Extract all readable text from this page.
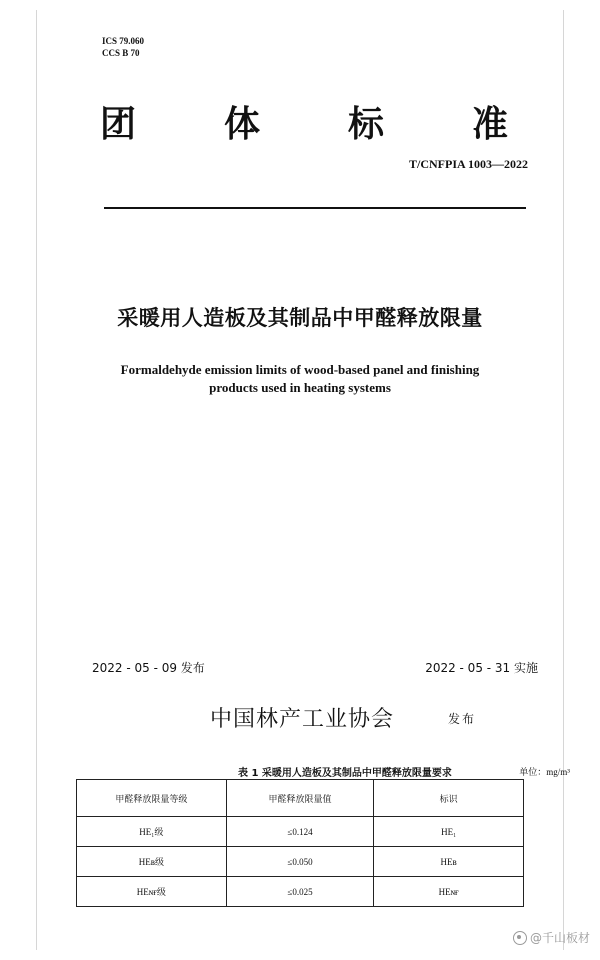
ICS 79.060
CCS B 70
团 体 标 准
T/CNFPIA 1003—2022
采暖用人造板及其制品中甲醛释放限量
Formaldehyde emission limits of wood-based panel and finishing
products used in heating systems
2022 - 05 - 09 发布	2022 - 05 - 31 实施
中国林产工业协会	发布
表 1 采暖用人造板及其制品中甲醛释放限量要求	单位：mg/m³
甲醛释放限量等级	甲醛释放限量值	标识
HE₁级	≤0.124	HE₁
HEв级	≤0.050	HEв
HEɴғ级	≤0.025	HEɴғ
@千山板材
